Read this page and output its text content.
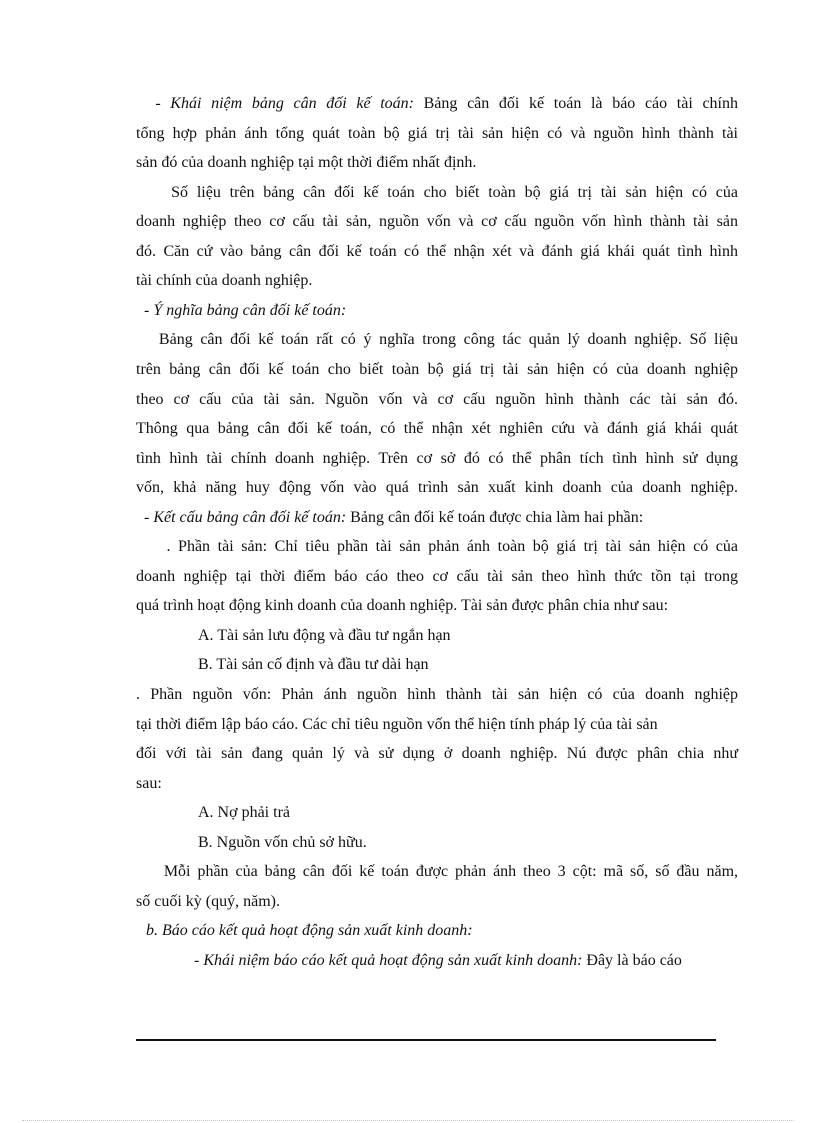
- Khái niệm bảng cân đối kế toán: Bảng cân đối kế toán là báo cáo tài chính
tổng hợp phản ánh tổng quát toàn bộ giá trị tài sản hiện có và nguồn hình thành tài
sản đó của doanh nghiệp tại một thời điểm nhất định.
Số liệu trên bảng cân đối kế toán cho biết toàn bộ giá trị tài sản hiện có của
doanh nghiệp theo cơ cấu tài sản, nguồn vốn và cơ cấu nguồn vốn hình thành tài sản
đó. Căn cứ vào bảng cân đối kế toán có thể nhận xét và đánh giá khái quát tình hình
tài chính của doanh nghiệp.
- Ý nghĩa bảng cân đối kế toán:
Bảng cân đối kế toán rất có ý nghĩa trong công tác quản lý doanh nghiệp. Số liệu
trên bảng cân đối kế toán cho biết toàn bộ giá trị tài sản hiện có của doanh nghiệp
theo cơ cấu của tài sản. Nguồn vốn và cơ cấu nguồn hình thành các tài sản đó.
Thông qua bảng cân đối kế toán, có thể nhận xét nghiên cứu và đánh giá khái quát
tình hình tài chính doanh nghiệp. Trên cơ sở đó có thể phân tích tình hình sử dụng
vốn, khả năng huy động vốn vào quá trình sản xuất kinh doanh của doanh nghiệp.
- Kết cấu bảng cân đối kế toán: Bảng cân đối kế toán được chia làm hai phần:
. Phần tài sản: Chỉ tiêu phần tài sản phản ánh toàn bộ giá trị tài sản hiện có của
doanh nghiệp tại thời điểm báo cáo theo cơ cấu tài sản theo hình thức tồn tại trong
quá trình hoạt động kinh doanh của doanh nghiệp. Tài sản được phân chia như sau:
A. Tài sản lưu động và đầu tư ngắn hạn
B. Tài sản cố định và đầu tư dài hạn
. Phần nguồn vốn: Phản ánh nguồn hình thành tài sản hiện có của doanh nghiệp
tại thời điểm lập báo cáo. Các chỉ tiêu nguồn vốn thể hiện tính pháp lý của tài sản
đối với tài sản đang quản lý và sử dụng ở doanh nghiệp. Nú được phân chia như
sau:
A. Nợ phải trả
B. Nguồn vốn chủ sở hữu.
Mỗi phần của bảng cân đối kế toán được phản ánh theo 3 cột: mã số, số đầu năm,
số cuối kỳ (quý, năm).
b. Báo cáo kết quả hoạt động sản xuất kinh doanh:
- Khái niệm báo cáo kết quả hoạt động sản xuất kinh doanh: Đây là báo cáo
